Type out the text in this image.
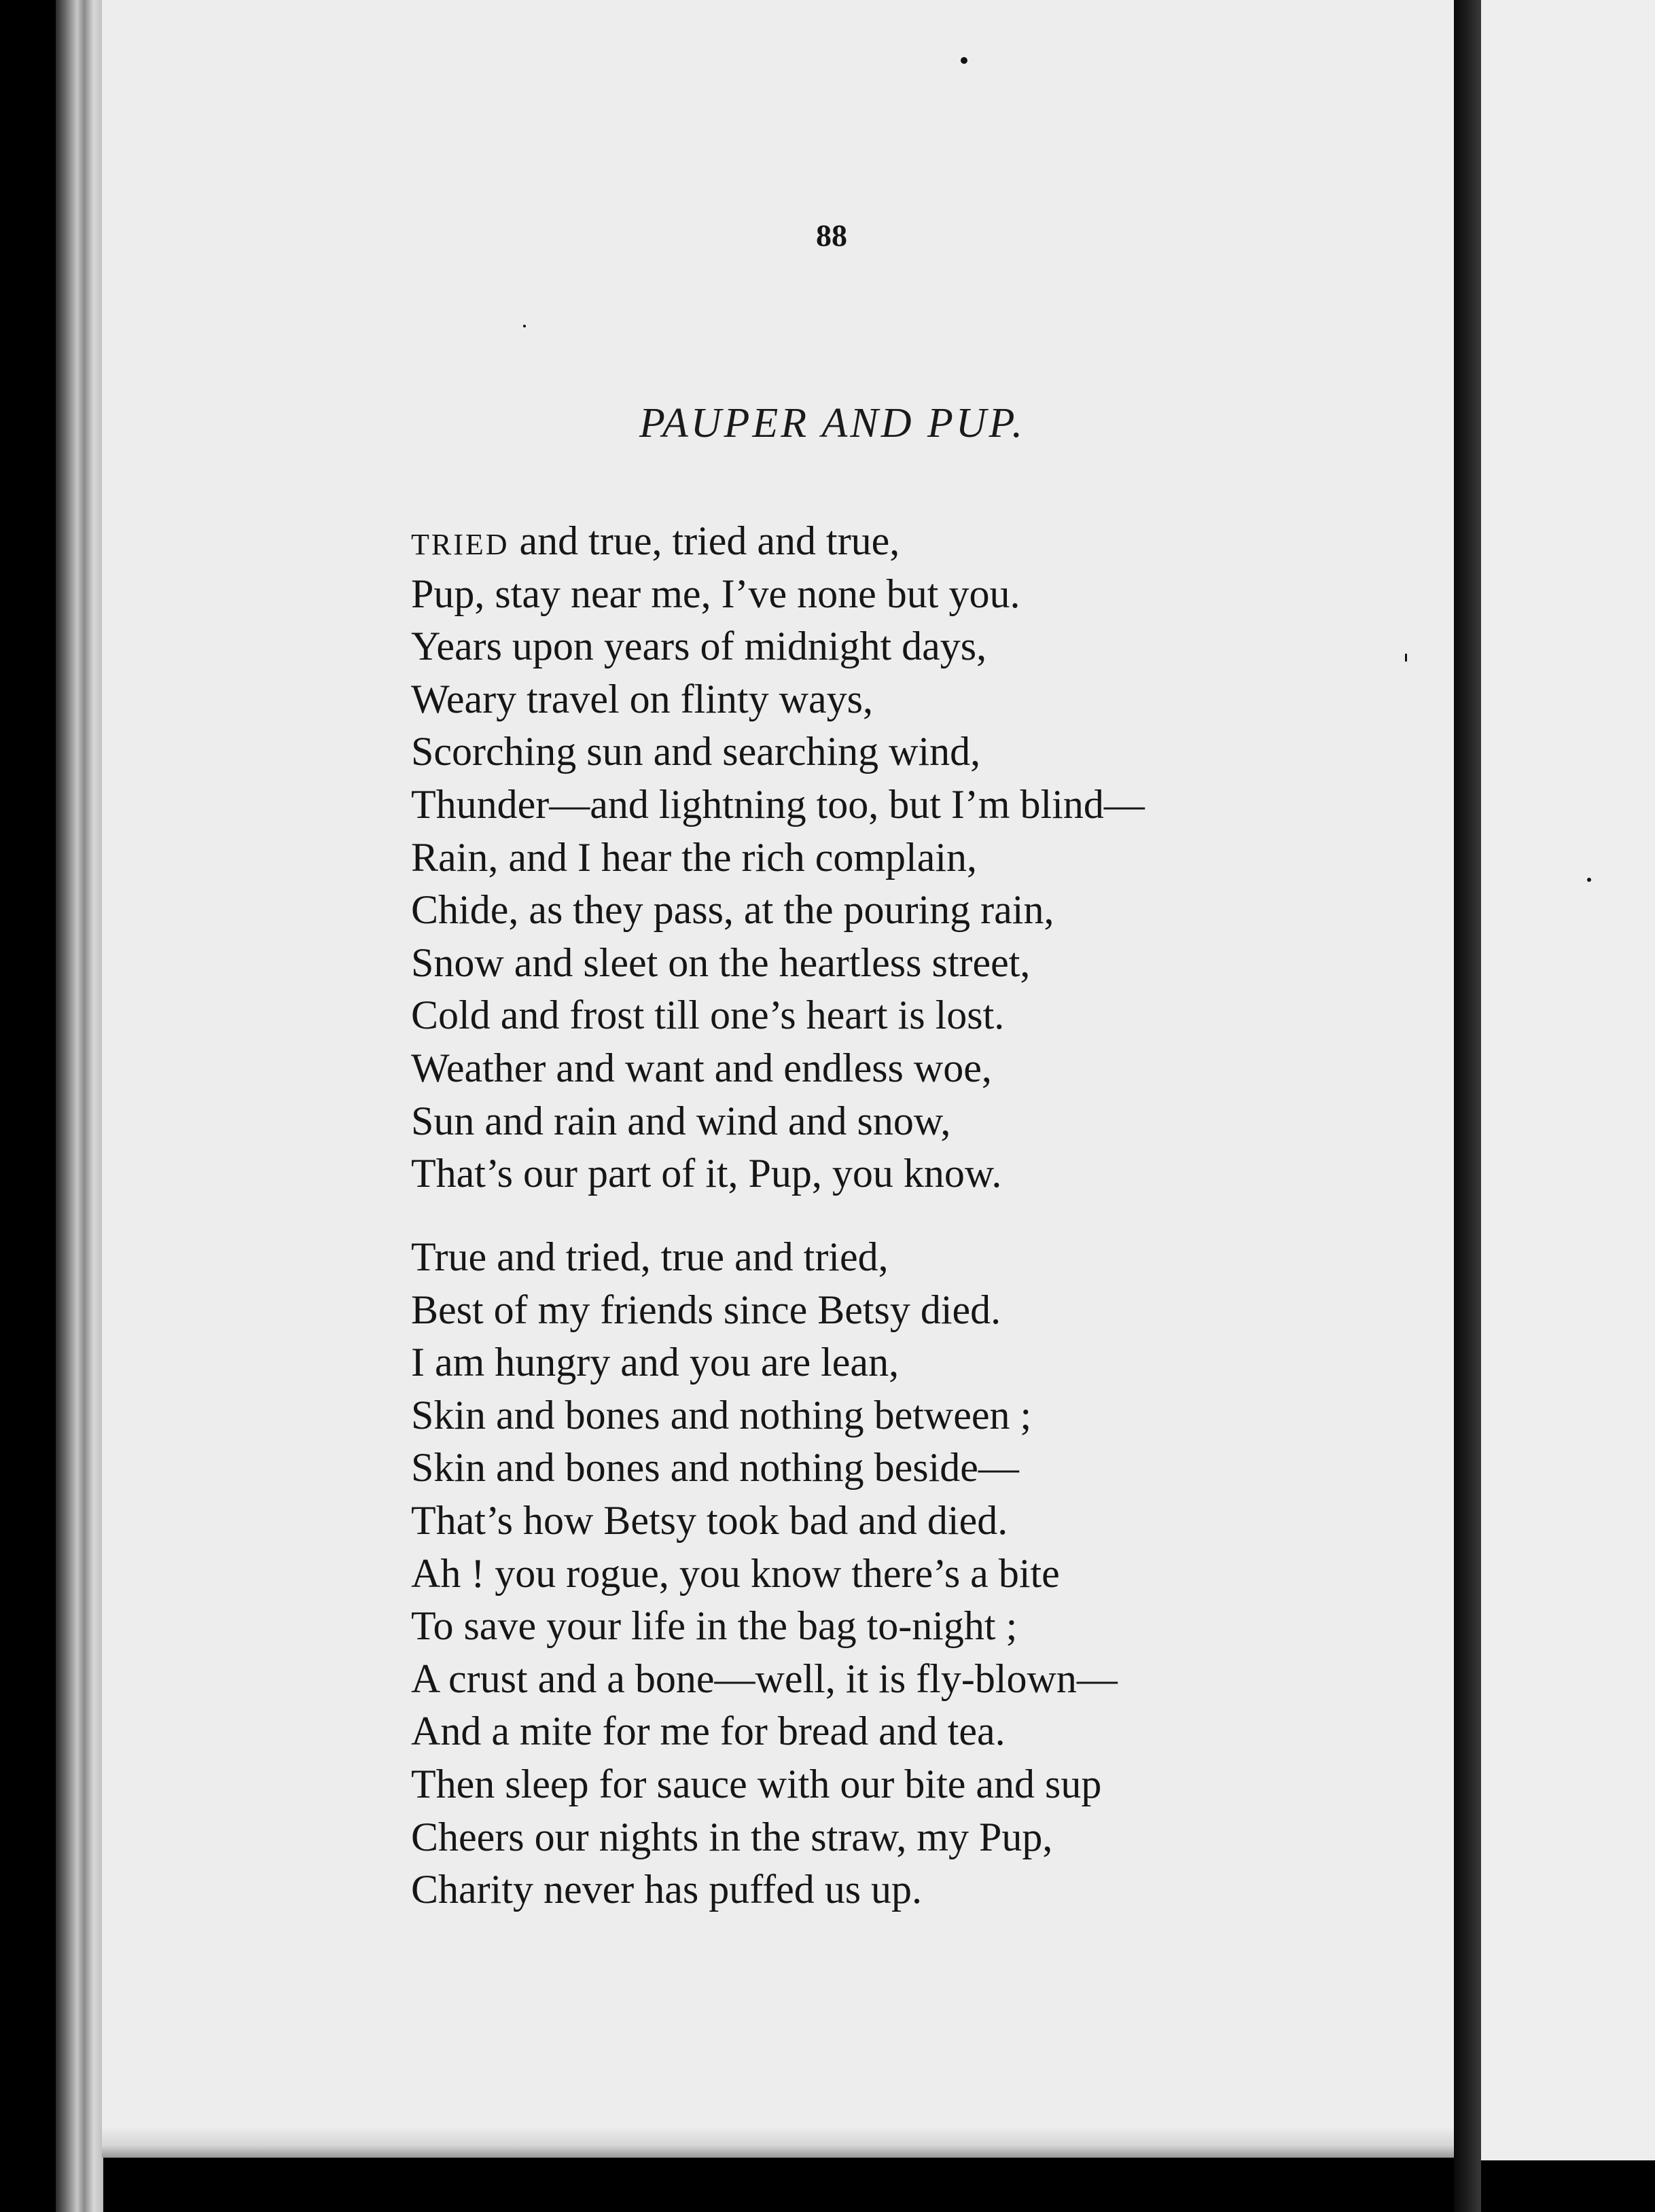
88
PAUPER AND PUP.
TRIED and true, tried and true,
Pup, stay near me, I’ve none but you.
Years upon years of midnight days,
Weary travel on flinty ways,
Scorching sun and searching wind,
Thunder—and lightning too, but I’m blind—
Rain, and I hear the rich complain,
Chide, as they pass, at the pouring rain,
Snow and sleet on the heartless street,
Cold and frost till one’s heart is lost.
Weather and want and endless woe,
Sun and rain and wind and snow,
That’s our part of it, Pup, you know.
True and tried, true and tried,
Best of my friends since Betsy died.
I am hungry and you are lean,
Skin and bones and nothing between ;
Skin and bones and nothing beside—
That’s how Betsy took bad and died.
Ah ! you rogue, you know there’s a bite
To save your life in the bag to-night ;
A crust and a bone—well, it is fly-blown—
And a mite for me for bread and tea.
Then sleep for sauce with our bite and sup
Cheers our nights in the straw, my Pup,
Charity never has puffed us up.
